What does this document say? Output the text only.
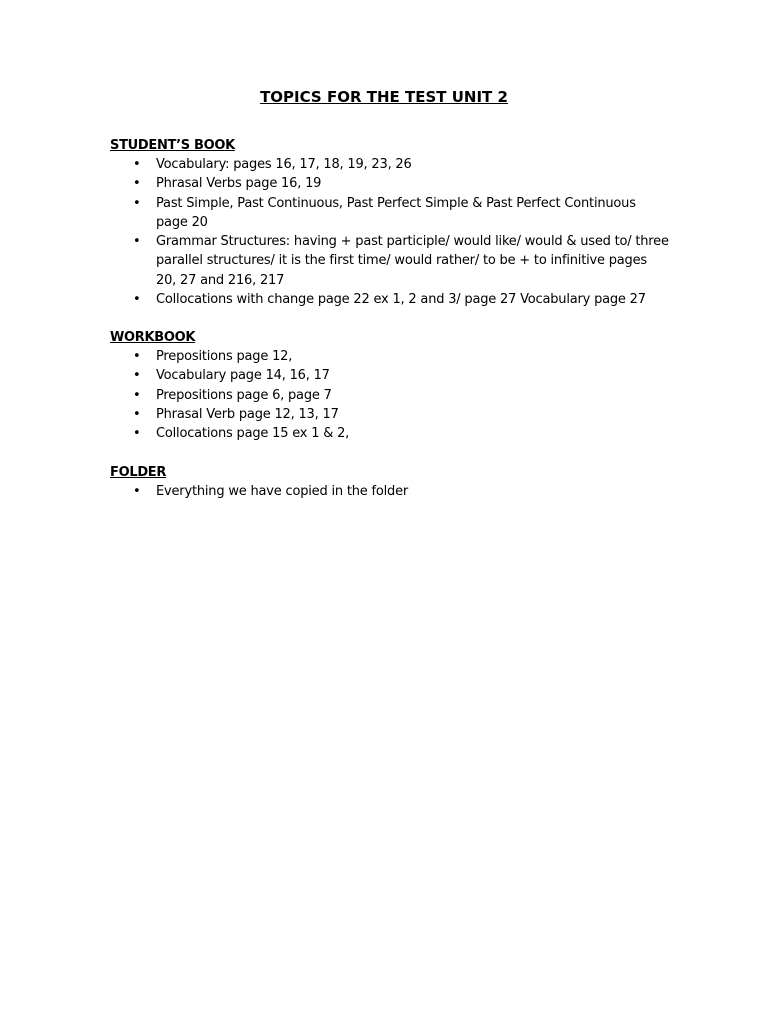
TOPICS FOR THE TEST UNIT 2
STUDENT’S BOOK
• Vocabulary: pages 16, 17, 18, 19, 23, 26
• Phrasal Verbs page 16, 19
• Past Simple, Past Continuous, Past Perfect Simple & Past Perfect Continuous page 20
• Grammar Structures: having + past participle/ would like/ would & used to/ three parallel structures/ it is the first time/ would rather/ to be + to infinitive pages 20, 27 and 216, 217
• Collocations with change page 22 ex 1, 2 and 3/ page 27 Vocabulary page 27
WORKBOOK
• Prepositions page 12,
• Vocabulary page 14, 16, 17
• Prepositions page 6, page 7
• Phrasal Verb page 12, 13, 17
• Collocations page 15 ex 1 & 2,
FOLDER
• Everything we have copied in the folder
